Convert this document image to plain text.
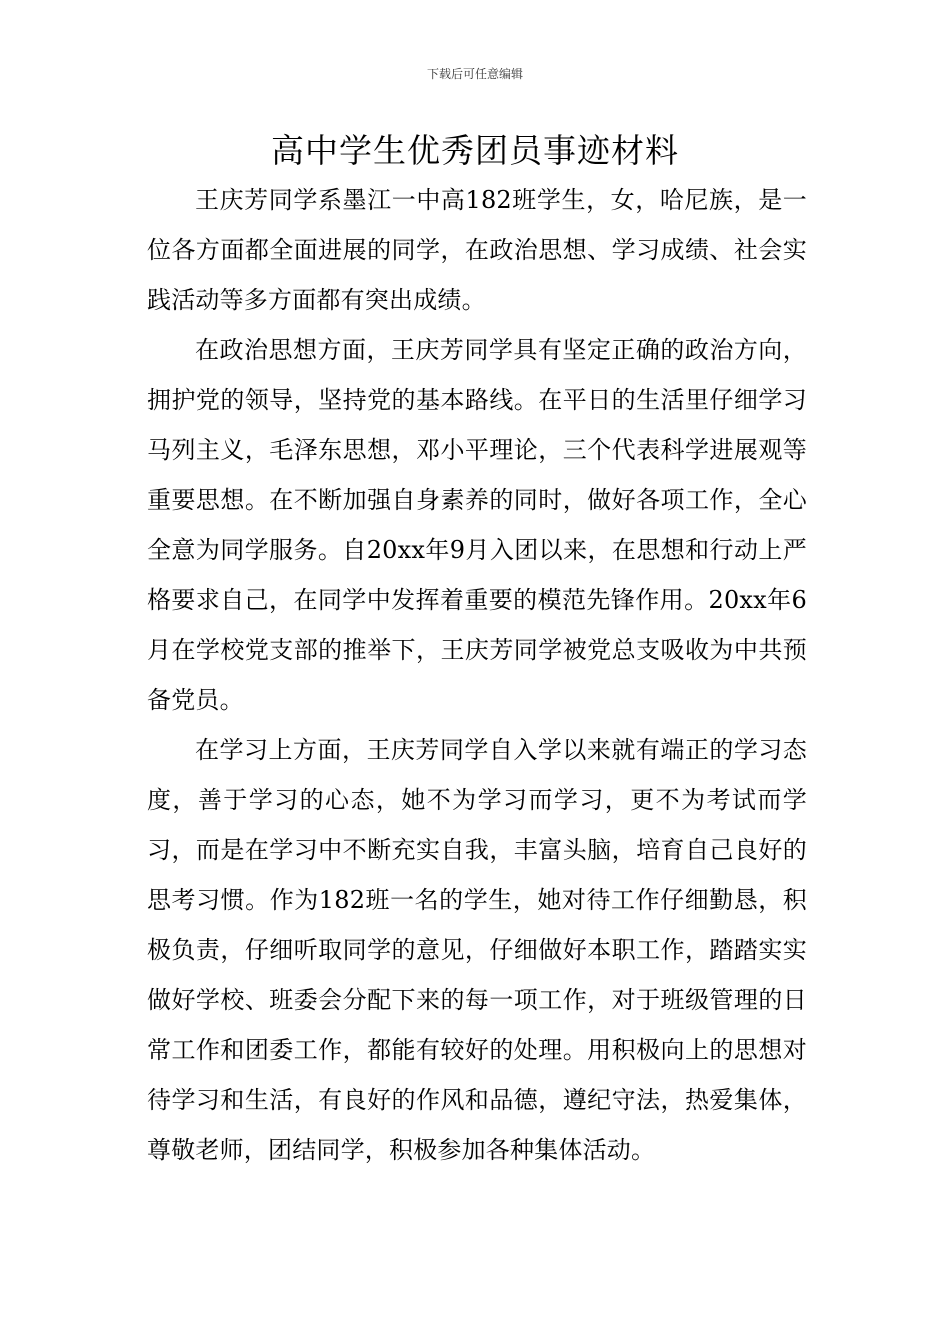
下载后可任意编辑
高中学生优秀团员事迹材料

王庆芳同学系墨江一中高182班学生，女，哈尼族，是一位各方面都全面进展的同学，在政治思想、学习成绩、社会实践活动等多方面都有突出成绩。

在政治思想方面，王庆芳同学具有坚定正确的政治方向，拥护党的领导，坚持党的基本路线。在平日的生活里仔细学习马列主义，毛泽东思想，邓小平理论，三个代表科学进展观等重要思想。在不断加强自身素养的同时，做好各项工作，全心全意为同学服务。自20xx年9月入团以来，在思想和行动上严格要求自己，在同学中发挥着重要的模范先锋作用。20xx年6月在学校党支部的推举下，王庆芳同学被党总支吸收为中共预备党员。

在学习上方面，王庆芳同学自入学以来就有端正的学习态度，善于学习的心态，她不为学习而学习，更不为考试而学习，而是在学习中不断充实自我，丰富头脑，培育自己良好的思考习惯。作为182班一名的学生，她对待工作仔细勤恳，积极负责，仔细听取同学的意见，仔细做好本职工作，踏踏实实做好学校、班委会分配下来的每一项工作，对于班级管理的日常工作和团委工作，都能有较好的处理。用积极向上的思想对待学习和生活，有良好的作风和品德，遵纪守法，热爱集体，尊敬老师，团结同学，积极参加各种集体活动。
